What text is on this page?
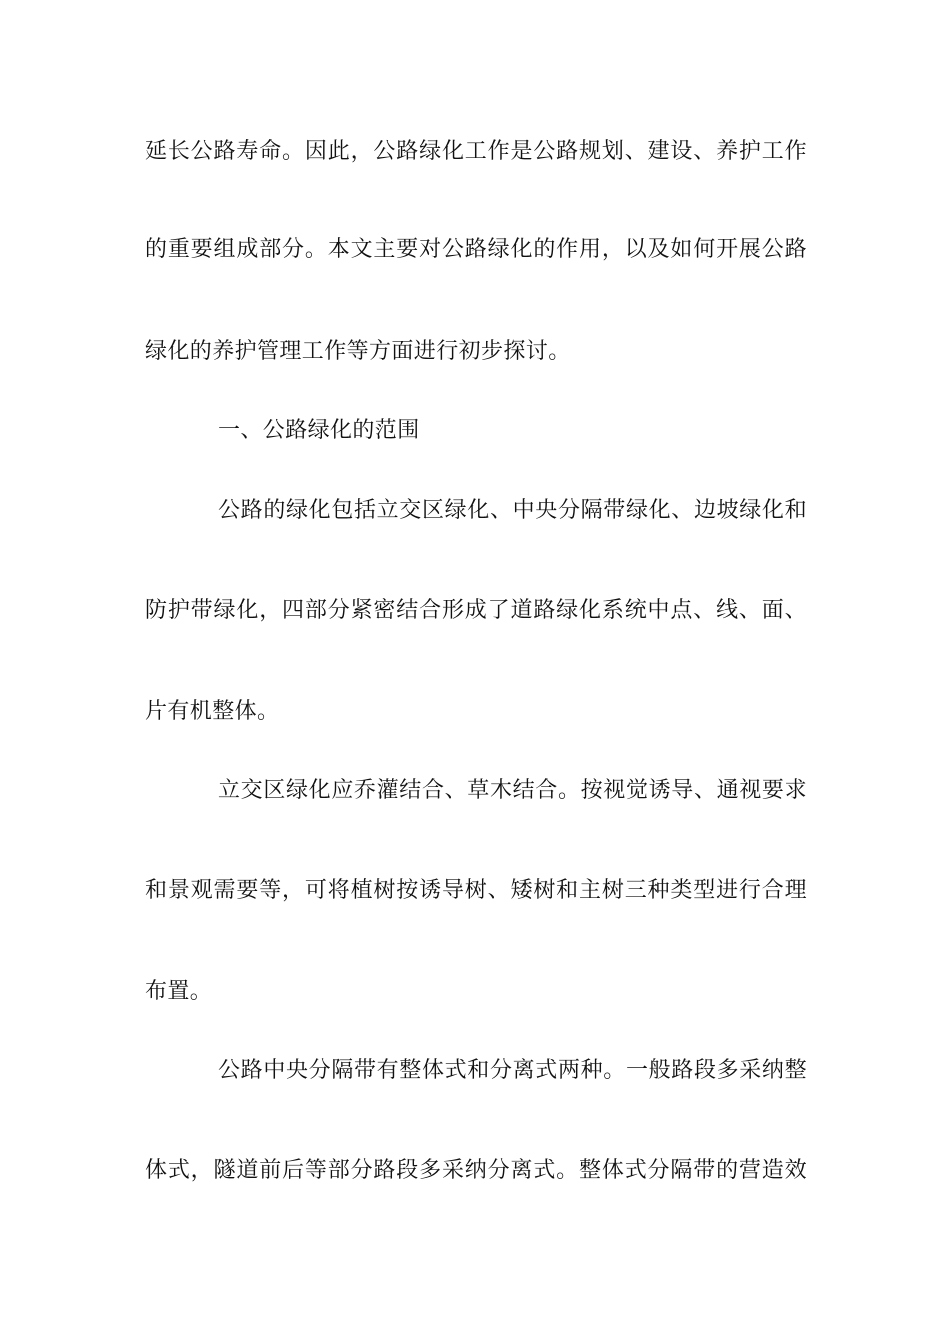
延长公路寿命。因此，公路绿化工作是公路规划、建设、养护工作
的重要组成部分。本文主要对公路绿化的作用，以及如何开展公路
绿化的养护管理工作等方面进行初步探讨。
一、公路绿化的范围
公路的绿化包括立交区绿化、中央分隔带绿化、边坡绿化和
防护带绿化，四部分紧密结合形成了道路绿化系统中点、线、面、
片有机整体。
立交区绿化应乔灌结合、草木结合。按视觉诱导、通视要求
和景观需要等，可将植树按诱导树、矮树和主树三种类型进行合理
布置。
公路中央分隔带有整体式和分离式两种。一般路段多采纳整
体式，隧道前后等部分路段多采纳分离式。整体式分隔带的营造效
